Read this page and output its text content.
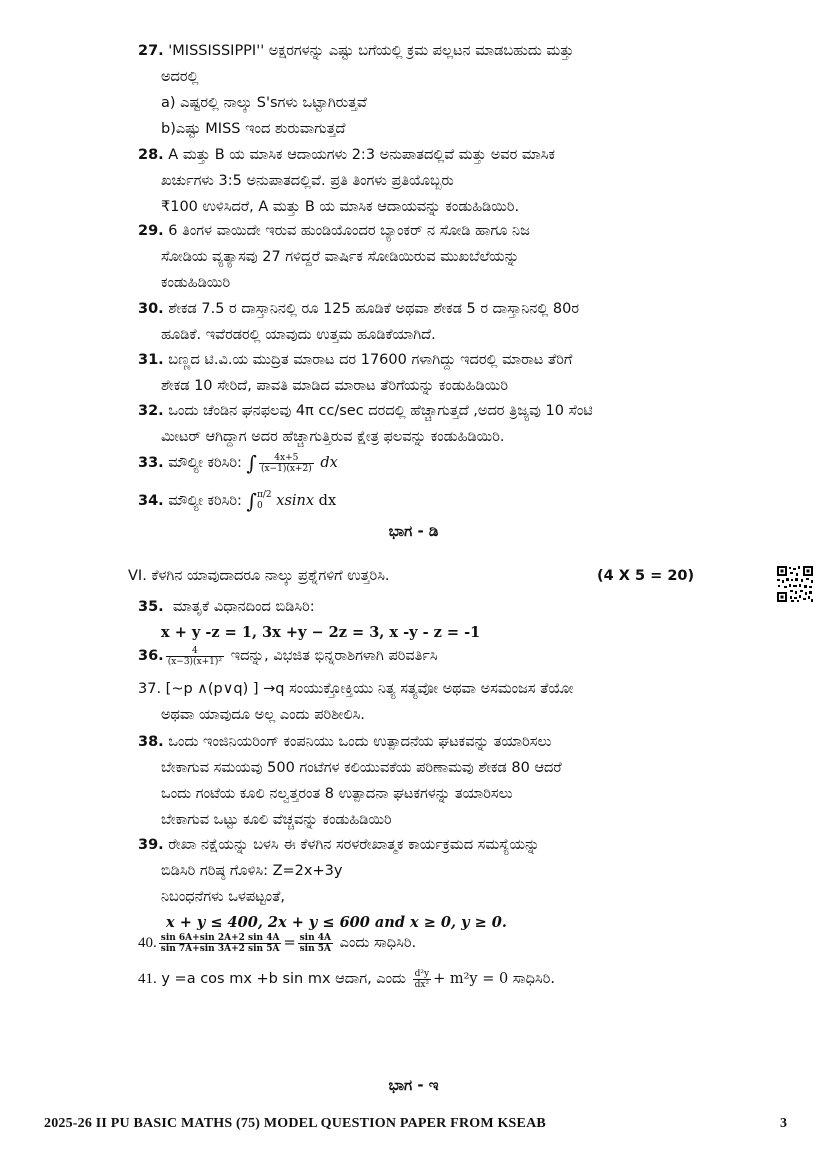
27. 'MISSISSIPPI'' ಅಕ್ಷರಗಳನ್ನು ಎಷ್ಟು ಬಗೆಯಲ್ಲಿ ಕ್ರಮ ಪಲ್ಲಟನ ಮಾಡಬಹುದು ಮತ್ತು
ಅದರಲ್ಲಿ
a) ಎಷ್ಟರಲ್ಲಿ ನಾಲ್ಕು S'sಗಳು ಒಟ್ಟಾಗಿರುತ್ತವೆ
b)ಎಷ್ಟು MISS ಇಂದ ಶುರುವಾಗುತ್ತದೆ
28. A ಮತ್ತು B ಯ ಮಾಸಿಕ ಆದಾಯಗಳು 2:3 ಅನುಪಾತದಲ್ಲಿವೆ ಮತ್ತು ಅವರ ಮಾಸಿಕ
ಖರ್ಚುಗಳು 3:5 ಅನುಪಾತದಲ್ಲಿವೆ. ಪ್ರತಿ ತಿಂಗಳು ಪ್ರತಿಯೊಬ್ಬರು
₹100 ಉಳಿಸಿದರೆ, A ಮತ್ತು B ಯ ಮಾಸಿಕ ಆದಾಯವನ್ನು ಕಂಡುಹಿಡಿಯಿರಿ.
29. 6 ತಿಂಗಳ ವಾಯಿದೇ ಇರುವ ಹುಂಡಿಯೊಂದರ ಬ್ಯಾಂಕರ್ ನ ಸೋಡಿ ಹಾಗೂ ನಿಜ
ಸೋಡಿಯ ವ್ಯತ್ಯಾಸವು 27 ಗಳಿದ್ದರೆ ವಾರ್ಷಿಕ ಸೋಡಿಯಿರುವ ಮುಖಬೆಲೆಯನ್ನು
ಕಂಡುಹಿಡಿಯಿರಿ
30. ಶೇಕಡ 7.5 ರ ದಾಸ್ತಾನಿನಲ್ಲಿ ರೂ 125 ಹೂಡಿಕೆ ಅಥವಾ ಶೇಕಡ 5 ರ ದಾಸ್ತಾನಿನಲ್ಲಿ 80ರ
ಹೂಡಿಕೆ. ಇವೆರಡರಲ್ಲಿ ಯಾವುದು ಉತ್ತಮ ಹೂಡಿಕೆಯಾಗಿದೆ.
31. ಬಣ್ಣದ ಟಿ.ವಿ.ಯ ಮುದ್ರಿತ ಮಾರಾಟ ದರ 17600 ಗಳಾಗಿದ್ದು ಇದರಲ್ಲಿ ಮಾರಾಟ ತೆರಿಗೆ
ಶೇಕಡ 10 ಸೇರಿದೆ, ಪಾವತಿ ಮಾಡಿದ ಮಾರಾಟ ತೆರಿಗೆಯನ್ನು ಕಂಡುಹಿಡಿಯಿರಿ
32. ಒಂದು ಚೆಂಡಿನ ಘನಫಲವು 4π cc/sec ದರದಲ್ಲಿ ಹೆಚ್ಚಾಗುತ್ತದೆ ,ಅದರ ತ್ರಿಜ್ಯವು 10 ಸೆಂಟಿ
ಮೀಟರ್ ಆಗಿದ್ದಾಗ ಅದರ ಹೆಚ್ಚಾಗುತ್ತಿರುವ ಕ್ಷೇತ್ರ ಫಲವನ್ನು ಕಂಡುಹಿಡಿಯಿರಿ.
33. ಮೌಲ್ಯೀ ಕರಿಸಿರಿ: ∫ $\frac{4x+5}{(x-1)(x+2)}$ dx
34. ಮೌಲ್ಯೀ ಕರಿಸಿರಿ: ∫ π/2
0 xsinx dx
ಭಾಗ - ಡಿ
VI. ಕೆಳಗಿನ ಯಾವುದಾದರೂ ನಾಲ್ಕು ಪ್ರಶ್ನೆಗಳಿಗೆ ಉತ್ತರಿಸಿ.	(4 X 5 = 20)
35. ಮಾತೃಕೆ ವಿಧಾನದಿಂದ ಬಿಡಿಸಿರಿ:
x + y -z = 1, 3x +y − 2z = 3, x -y - z = -1
36. $\frac{4}{\text{(x−3)(x+1)²}}$ ಇದನ್ನು, ವಿಭಜಿತ ಭಿನ್ನರಾಶಿಗಳಾಗಿ ಪರಿವರ್ತಿಸಿ
37. [~p ∧(p∨q) ] →q ಸಂಯುಕ್ತೋಕ್ತಿಯು ನಿತ್ಯ ಸತ್ಯವೋ ಅಥವಾ ಅಸಮಂಜಸ ತೆಯೋ
ಅಥವಾ ಯಾವುದೂ ಅಲ್ಲ ಎಂದು ಪರಿಶೀಲಿಸಿ.
38. ಒಂದು ಇಂಜಿನಿಯರಿಂಗ್ ಕಂಪನಿಯು ಒಂದು ಉತ್ಪಾದನೆಯ ಘಟಕವನ್ನು ತಯಾರಿಸಲು
ಬೇಕಾಗುವ ಸಮಯವು 500 ಗಂಟೆಗಳ ಕಲಿಯುವಕೆಯ ಪರಿಣಾಮವು ಶೇಕಡ 80 ಆದರೆ
ಒಂದು ಗಂಟೆಯ ಕೂಲಿ ನಲ್ವತ್ತರಂತ 8 ಉತ್ಪಾದನಾ ಘಟಕಗಳನ್ನು ತಯಾರಿಸಲು
ಬೇಕಾಗುವ ಒಟ್ಟು ಕೂಲಿ ವೆಚ್ಚವನ್ನು ಕಂಡುಹಿಡಿಯಿರಿ
39. ರೇಖಾ ನಕ್ಷೆಯನ್ನು ಬಳಸಿ ಈ ಕೆಳಗಿನ ಸರಳರೇಖಾತ್ಮಕ ಕಾರ್ಯಕ್ರಮದ ಸಮಸ್ಯೆಯನ್ನು
ಬಿಡಿಸಿರಿ ಗರಿಷ್ಠ ಗೊಳಿಸಿ: Z=2x+3y
ನಿಬಂಧನೆಗಳು ಒಳಪಟ್ಟಂತೆ,
x + y ≤ 400, 2x + y ≤ 600 and x ≥ 0, y ≥ 0.
40. $\frac{\sin 6A+\sin 2A+2 \sin 4A}{\sin 7A+\sin 3A+2 \sin 5A} = \frac{\sin 4A}{\sin 5A}$ ಎಂದು ಸಾಧಿಸಿರಿ.
41. y =a cos mx +b sin mx ಆದಾಗ, ಎಂದು $\frac{\text{d²y}}{\text{dx²}} + m^2y = 0$ ಸಾಧಿಸಿರಿ.
ಭಾಗ - ಇ
2025-26 II PU BASIC MATHS (75) MODEL QUESTION PAPER FROM KSEAB	3
